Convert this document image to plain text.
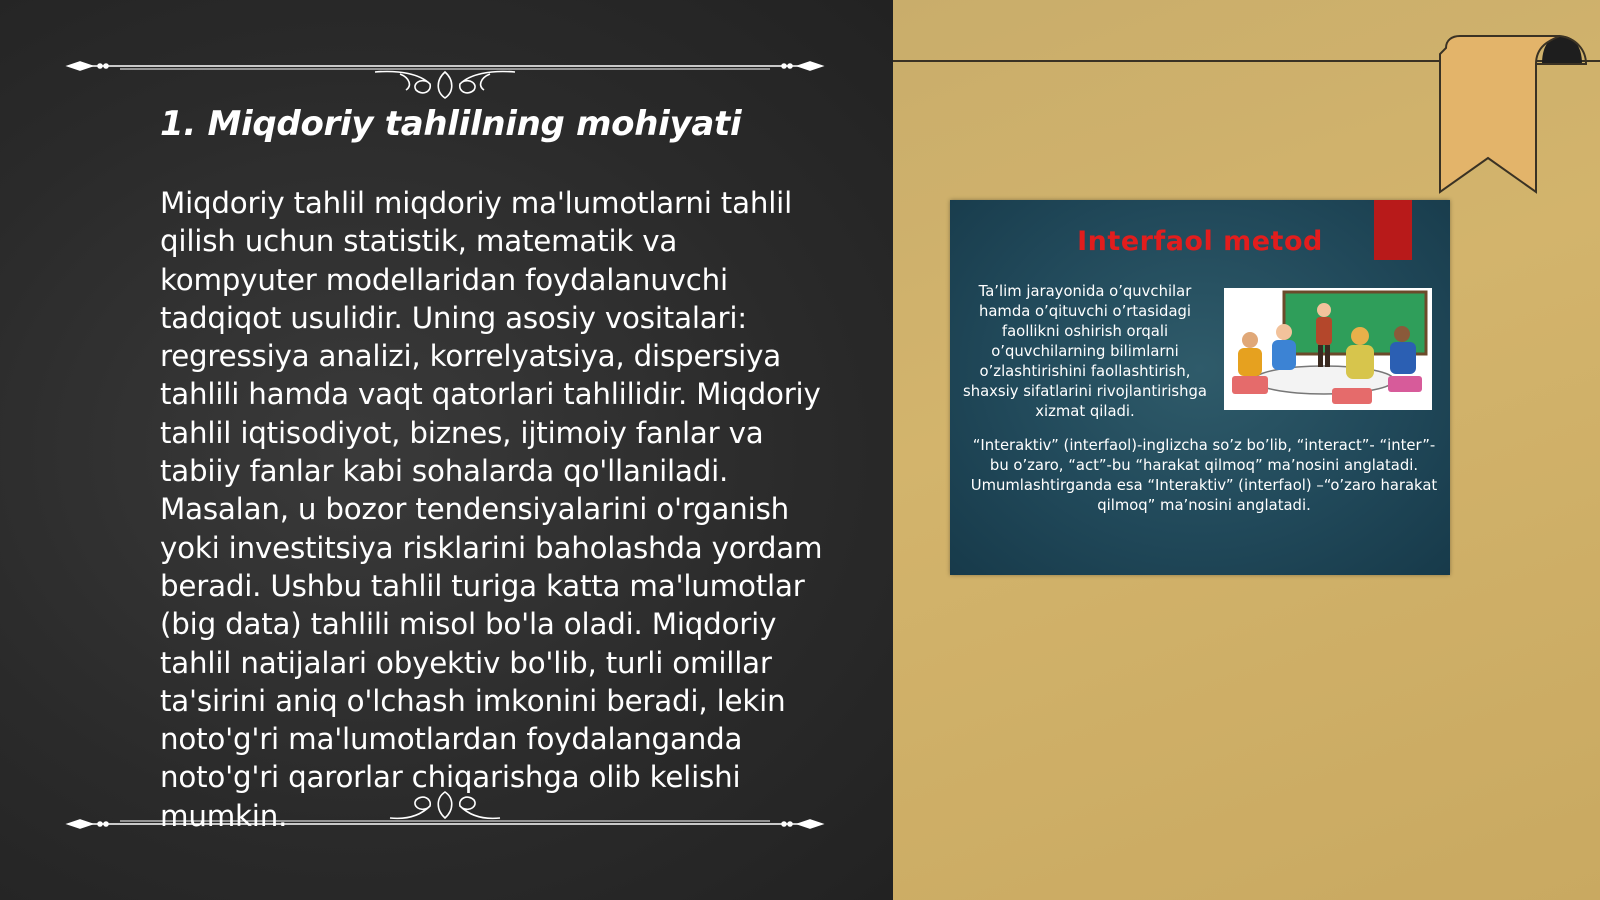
1. Miqdoriy tahlilning mohiyati

Miqdoriy tahlil miqdoriy ma'lumotlarni tahlil qilish uchun statistik, matematik va kompyuter modellaridan foydalanuvchi tadqiqot usulidir. Uning asosiy vositalari: regressiya analizi, korrelyatsiya, dispersiya tahlili hamda vaqt qatorlari tahlilidir. Miqdoriy tahlil iqtisodiyot, biznes, ijtimoiy fanlar va tabiiy fanlar kabi sohalarda qo'llaniladi. Masalan, u bozor tendensiyalarini o'rganish yoki investitsiya risklarini baholashda yordam beradi. Ushbu tahlil turiga katta ma'lumotlar (big data) tahlili misol bo'la oladi. Miqdoriy tahlil natijalari obyektiv bo'lib, turli omillar ta'sirini aniq o'lchash imkonini beradi, lekin noto'g'ri ma'lumotlardan foydalanganda noto'g'ri qarorlar chiqarishga olib kelishi mumkin.

Interfaol metod
Ta’lim jarayonida o’quvchilar hamda o’qituvchi o’rtasidagi faollikni oshirish orqali o’quvchilarning bilimlarni o’zlashtirishini faollashtirish, shaxsiy sifatlarini rivojlantirishga xizmat qiladi.
“Interaktiv” (interfaol)-inglizcha so’z bo’lib, “interact”- “inter”-bu o’zaro, “act”-bu “harakat qilmoq” ma’nosini anglatadi. Umumlashtirganda esa “Interaktiv” (interfaol) –“o’zaro harakat qilmoq” ma’nosini anglatadi.
